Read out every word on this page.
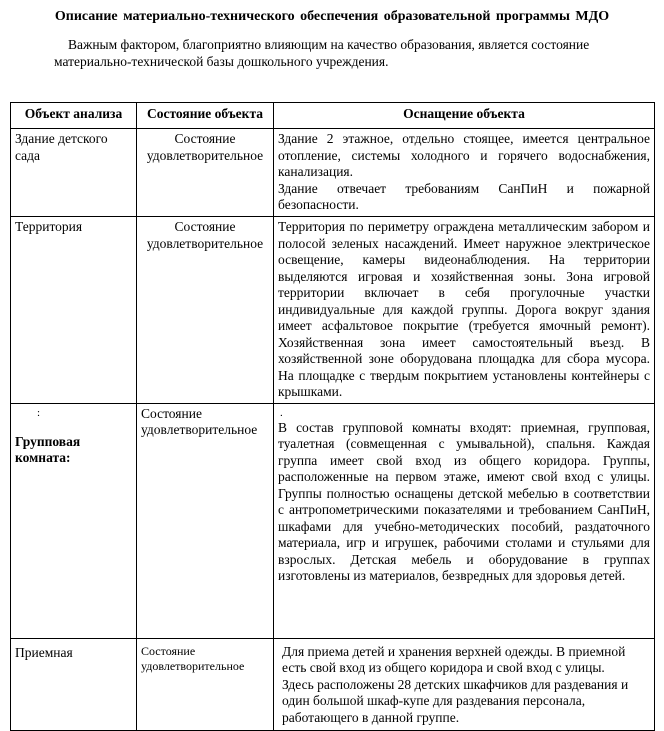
Описание материально-технического обеспечения образовательной программы МДО
Важным фактором, благоприятно влияющим на качество образования, является состояние материально-технической базы дошкольного учреждения.
Объект анализа	Состояние объекта	Оснащение объекта
Здание детского сада	Состояние удовлетворительное	Здание 2 этажное, отдельно стоящее, имеется центральное отопление, системы холодного и горячего водоснабжения, канализация.

Здание отвечает требованиям СанПиН и пожарной безопасности.

Территория	Состояние удовлетворительное	Территория по периметру ограждена металлическим забором и полосой зеленых насаждений. Имеет наружное электрическое освещение, камеры видеонаблюдения. На территории выделяются игровая и хозяйственная зоны. Зона игровой территории включает в себя прогулочные участки индивидуальные для каждой группы. Дорога вокруг здания имеет асфальтовое покрытие (требуется ямочный ремонт). Хозяйственная зона имеет самостоятельный въезд. В хозяйственной зоне оборудована площадка для сбора мусора. На площадке с твердым покрытием установлены контейнеры с крышками.

:
Групповая комната:	Состояние удовлетворительное	.

В состав групповой комнаты входят: приемная, групповая, туалетная (совмещенная с умывальной), спальня. Каждая группа имеет свой вход из общего коридора. Группы, расположенные на первом этаже, имеют свой вход с улицы. Группы полностью оснащены детской мебелью в соответствии с антропометрическими показателями и требованием СанПиН, шкафами для учебно-методических пособий, раздаточного материала, игр и игрушек, рабочими столами и стульями для взрослых. Детская мебель и оборудование в группах изготовлены из материалов, безвредных для здоровья детей.

Приемная	Состояние удовлетворительное	Для приема детей и хранения верхней одежды. В приемной есть свой вход из общего коридора и свой вход с улицы.

Здесь расположены 28 детских шкафчиков для раздевания и один большой шкаф-купе для раздевания персонала, работающего в данной группе.
